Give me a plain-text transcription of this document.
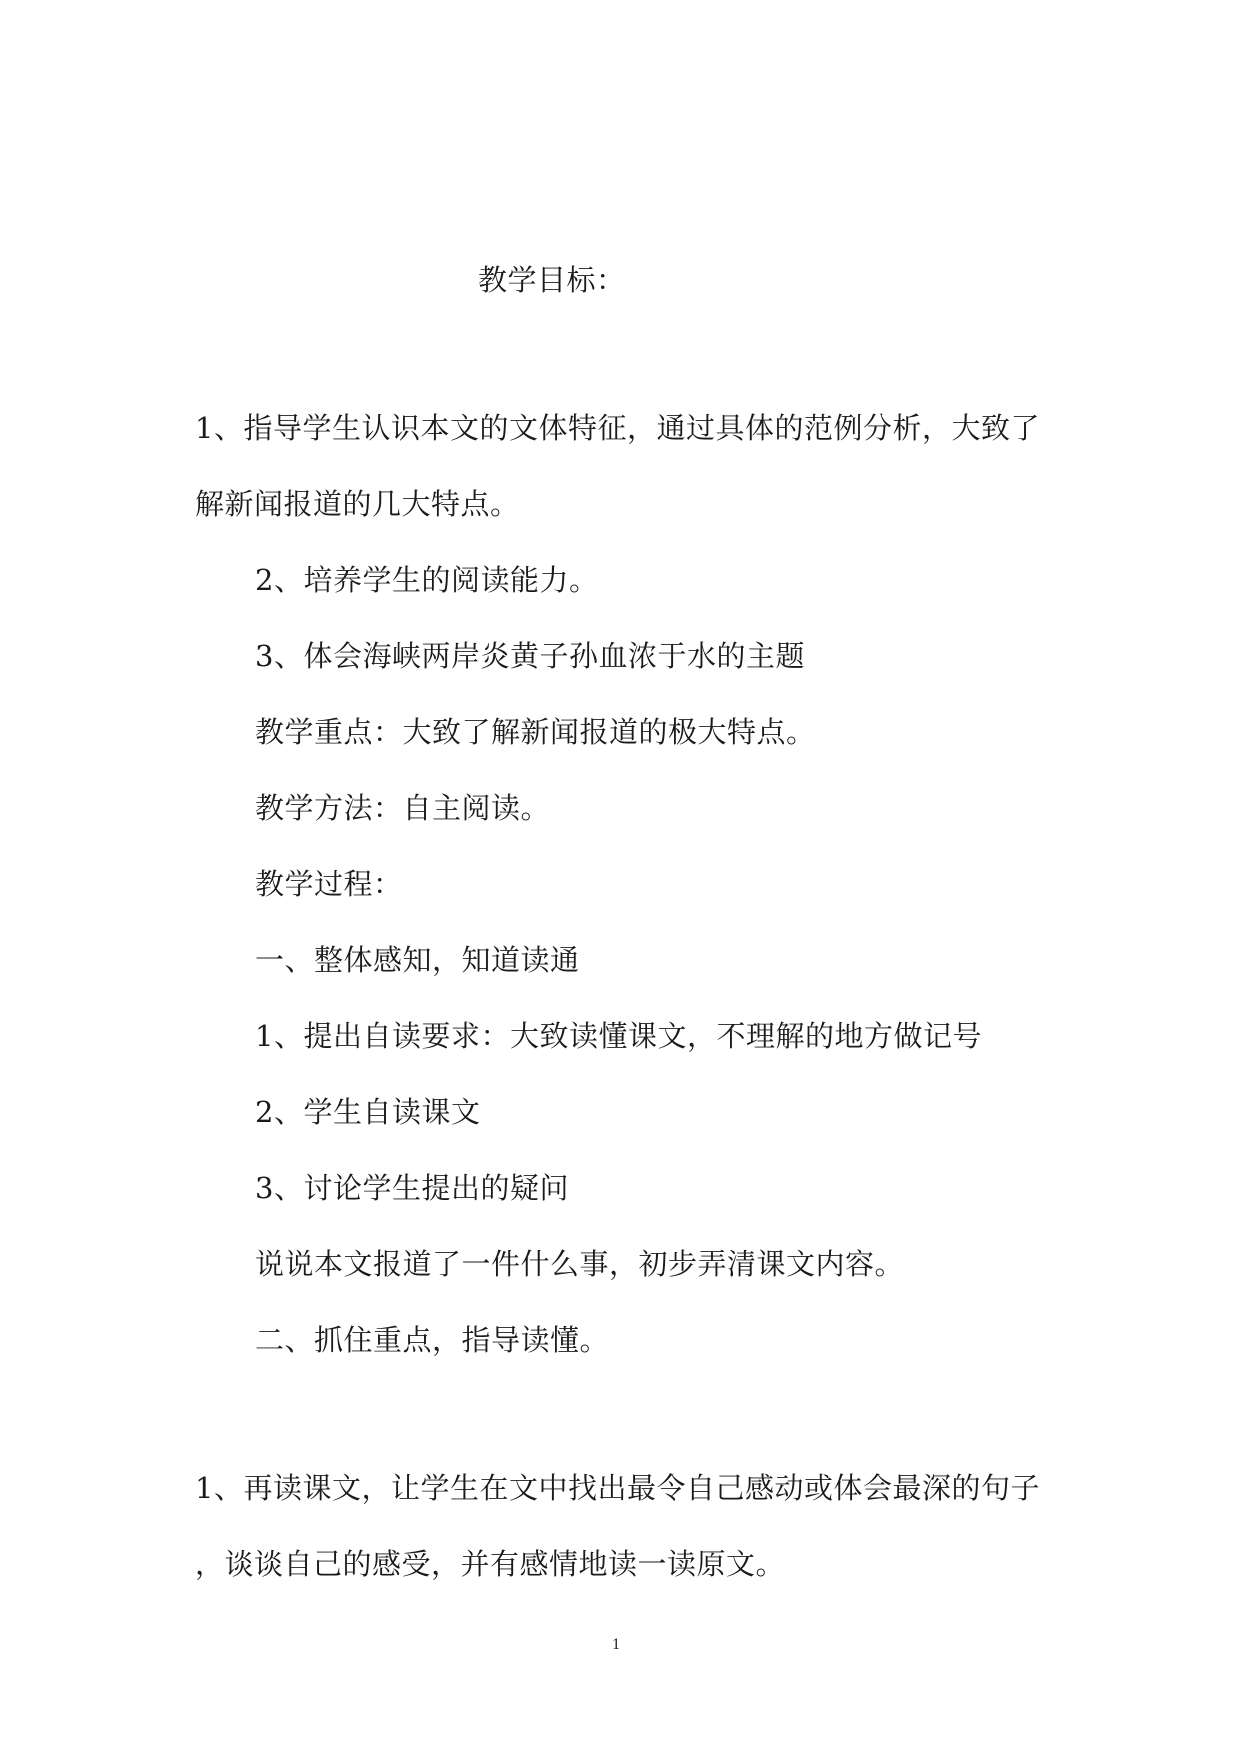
教学目标：
1、指导学生认识本文的文体特征，通过具体的范例分析，大致了
解新闻报道的几大特点。
2、培养学生的阅读能力。
3、体会海峡两岸炎黄子孙血浓于水的主题
教学重点：大致了解新闻报道的极大特点。
教学方法：自主阅读。
教学过程：
一、整体感知，知道读通
1、提出自读要求：大致读懂课文，不理解的地方做记号
2、学生自读课文
3、讨论学生提出的疑问
说说本文报道了一件什么事，初步弄清课文内容。
二、抓住重点，指导读懂。
1、再读课文，让学生在文中找出最令自己感动或体会最深的句子
，谈谈自己的感受，并有感情地读一读原文。
1
